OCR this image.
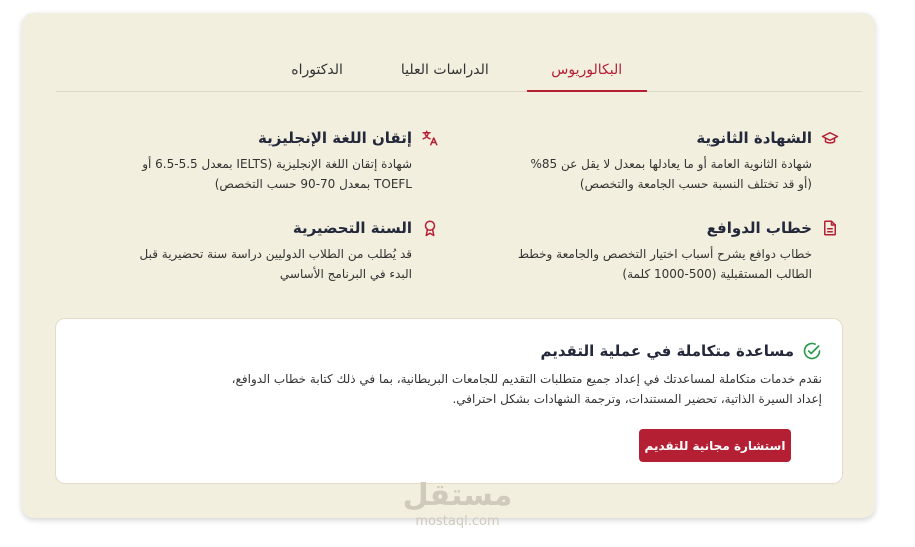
البكالوريوس
الدراسات العليا
الدكتوراه
الشهادة الثانوية
شهادة الثانوية العامة أو ما يعادلها بمعدل لا يقل عن 85%
(أو قد تختلف النسبة حسب الجامعة والتخصص)
خطاب الدوافع
خطاب دوافع يشرح أسباب اختيار التخصص والجامعة وخطط
الطالب المستقبلية (500-1000 كلمة)
إتقان اللغة الإنجليزية
شهادة إتقان اللغة الإنجليزية (IELTS بمعدل 5.5-6.5 أو
TOEFL بمعدل 70-90 حسب التخصص)
السنة التحضيرية
قد يُطلب من الطلاب الدوليين دراسة سنة تحضيرية قبل
البدء في البرنامج الأساسي
مساعدة متكاملة في عملية التقديم
نقدم خدمات متكاملة لمساعدتك في إعداد جميع متطلبات التقديم للجامعات البريطانية، بما في ذلك كتابة خطاب الدوافع،
إعداد السيرة الذاتية، تحضير المستندات، وترجمة الشهادات بشكل احترافي.
استشارة مجانية للتقديم
مستقل
mostaql.com
